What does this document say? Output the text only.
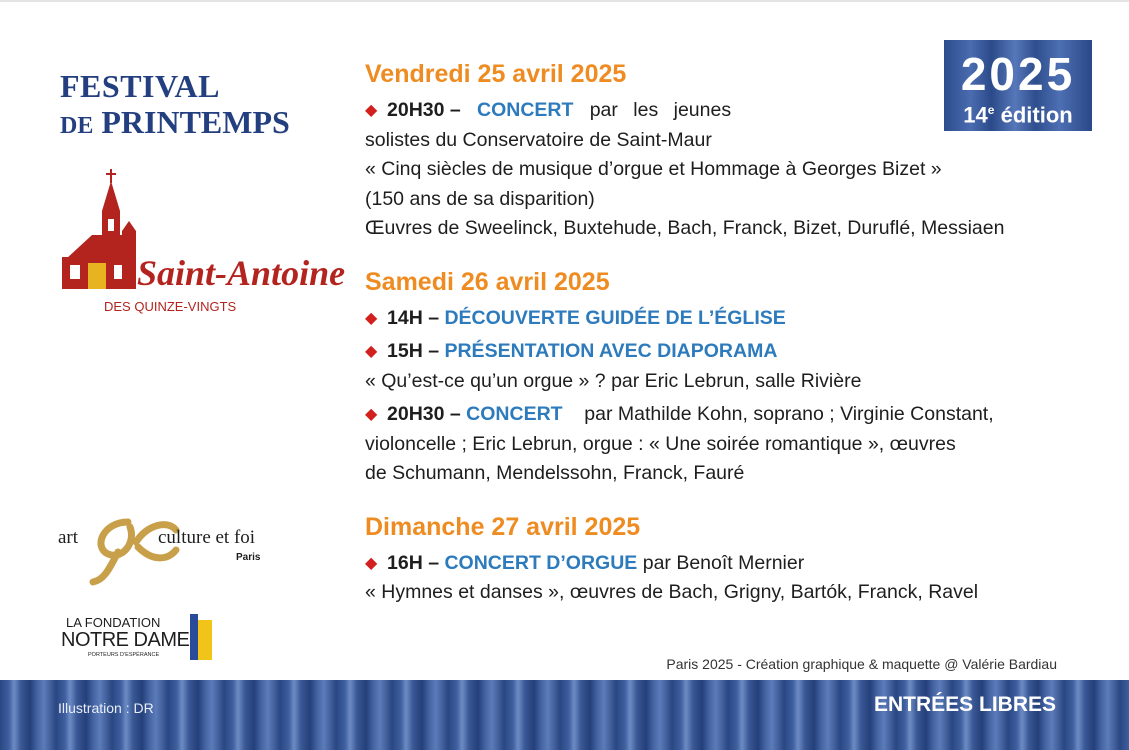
FESTIVAL
DE PRINTEMPS
Saint-Antoine
DES QUINZE-VINGTS
2025
14e édition
Vendredi 25 avril 2025
◆ 20H30 – CONCERT par les jeunes
solistes du Conservatoire de Saint-Maur
« Cinq siècles de musique d’orgue et Hommage à Georges Bizet »
(150 ans de sa disparition)
Œuvres de Sweelinck, Buxtehude, Bach, Franck, Bizet, Duruflé, Messiaen
Samedi 26 avril 2025
◆ 14H – DÉCOUVERTE GUIDÉE DE L’ÉGLISE
◆ 15H – PRÉSENTATION AVEC DIAPORAMA
« Qu’est-ce qu’un orgue » ? par Eric Lebrun, salle Rivière
◆ 20H30 – CONCERT par Mathilde Kohn, soprano ; Virginie Constant,
violoncelle ; Eric Lebrun, orgue : « Une soirée romantique », œuvres
de Schumann, Mendelssohn, Franck, Fauré
Dimanche 27 avril 2025
◆ 16H – CONCERT D’ORGUE par Benoît Mernier
« Hymnes et danses », œuvres de Bach, Grigny, Bartók, Franck, Ravel
art	culture et foi
Paris
LA FONDATION
NOTRE DAME
PORTEURS D’ESPÉRANCE
Paris 2025 - Création graphique & maquette @ Valérie Bardiau
Illustration : DR	ENTRÉES LIBRES
